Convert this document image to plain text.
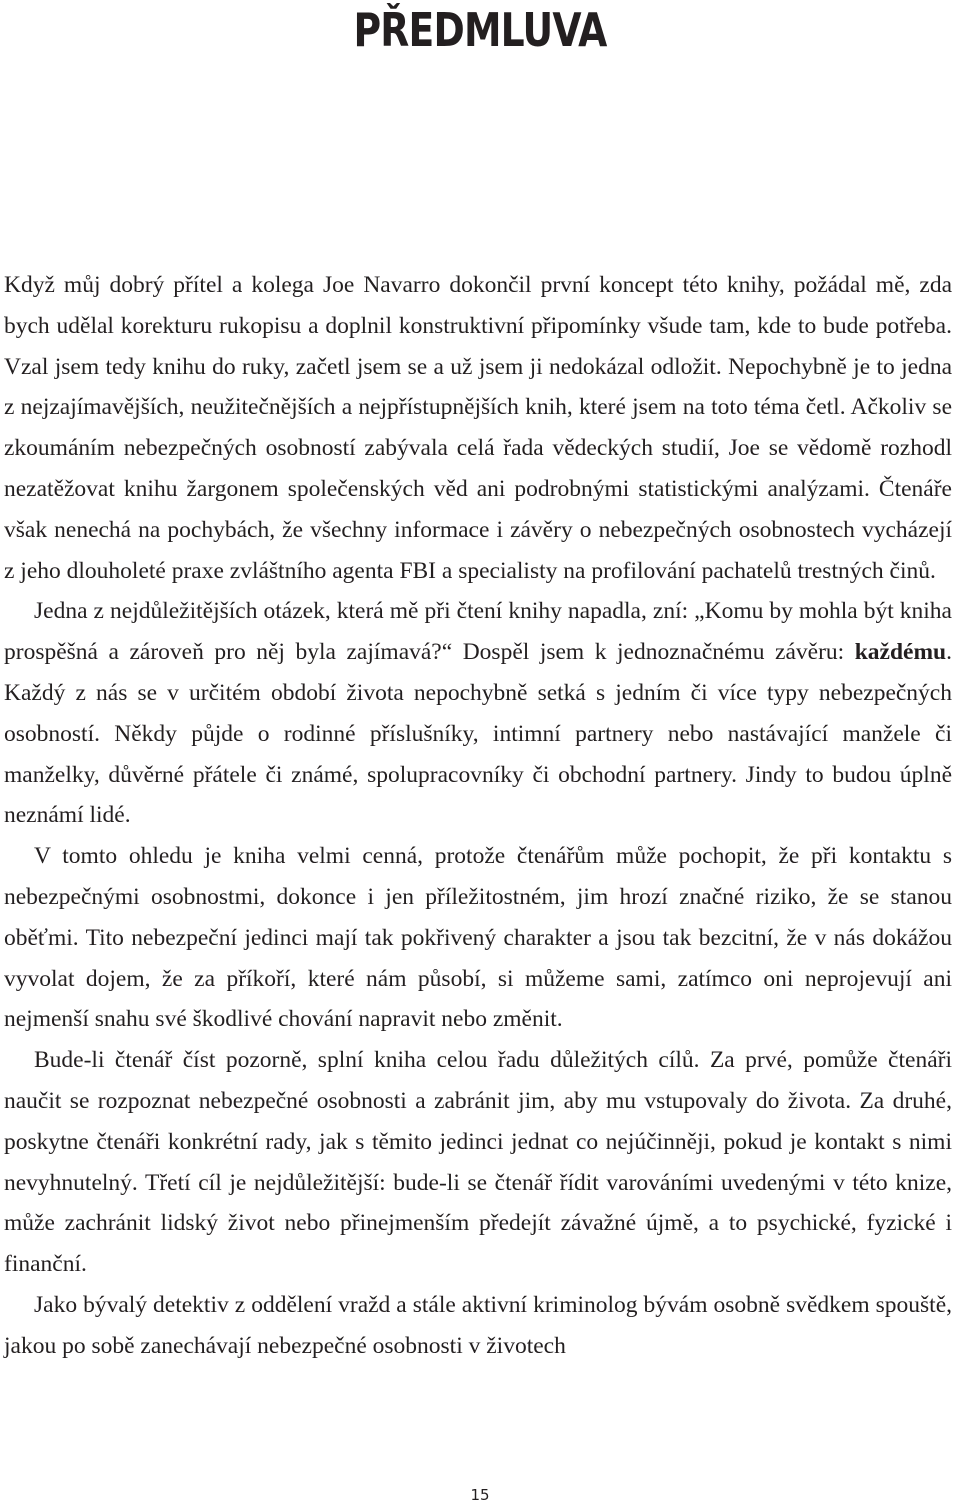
PŘEDMLUVA

Když můj dobrý přítel a kolega Joe Navarro dokončil první koncept této knihy, požádal mě, zda bych udělal korekturu rukopisu a doplnil konstruktivní připomínky všude tam, kde to bude potřeba. Vzal jsem tedy knihu do ruky, začetl jsem se a už jsem ji nedokázal odložit. Nepochybně je to jedna z nejzajímavějších, neužitečnějších a nejpřístupnějších knih, které jsem na toto téma četl. Ačkoliv se zkoumáním nebezpečných osobností zabývala celá řada vědeckých studií, Joe se vědomě rozhodl nezatěžovat knihu žargonem společenských věd ani podrobnými statistickými analýzami. Čtenáře však nenechá na pochybách, že všechny informace i závěry o nebezpečných osobnostech vycházejí z jeho dlouholeté praxe zvláštního agenta FBI a specialisty na profilování pachatelů trestných činů.

Jedna z nejdůležitějších otázek, která mě při čtení knihy napadla, zní: „Komu by mohla být kniha prospěšná a zároveň pro něj byla zajímavá?“ Dospěl jsem k jednoznačnému závěru: každému. Každý z nás se v určitém období života nepochybně setká s jedním či více typy nebezpečných osobností. Někdy půjde o rodinné příslušníky, intimní partnery nebo nastávající manžele či manželky, důvěrné přátele či známé, spolupracovníky či obchodní partnery. Jindy to budou úplně neznámí lidé.

V tomto ohledu je kniha velmi cenná, protože čtenářům může pochopit, že při kontaktu s nebezpečnými osobnostmi, dokonce i jen příležitostném, jim hrozí značné riziko, že se stanou oběťmi. Tito nebezpeční jedinci mají tak pokřivený charakter a jsou tak bezcitní, že v nás dokážou vyvolat dojem, že za příkoří, které nám působí, si můžeme sami, zatímco oni neprojevují ani nejmenší snahu své škodlivé chování napravit nebo změnit.

Bude-li čtenář číst pozorně, splní kniha celou řadu důležitých cílů. Za prvé, pomůže čtenáři naučit se rozpoznat nebezpečné osobnosti a zabránit jim, aby mu vstupovaly do života. Za druhé, poskytne čtenáři konkrétní rady, jak s těmito jedinci jednat co nejúčinněji, pokud je kontakt s nimi nevyhnutelný. Třetí cíl je nejdůležitější: bude-li se čtenář řídit varováními uvedenými v této knize, může zachránit lidský život nebo přinejmenším předejít závažné újmě, a to psychické, fyzické i finanční.

Jako bývalý detektiv z oddělení vražd a stále aktivní kriminolog bývám osobně svědkem spouště, jakou po sobě zanechávají nebezpečné osobnosti v životech

15
